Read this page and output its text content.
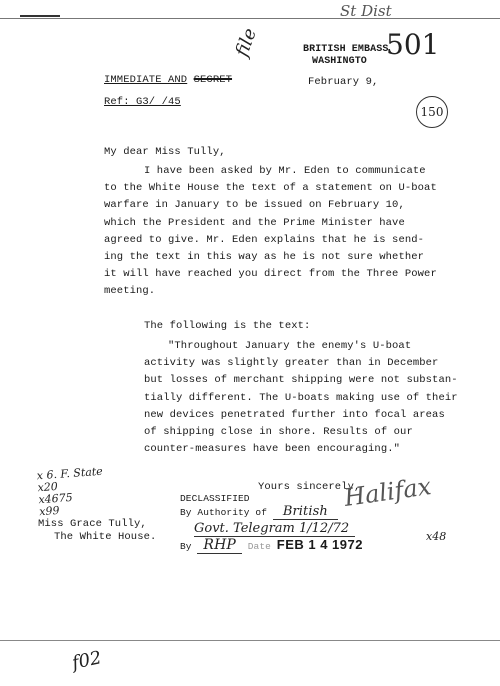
file
St Dist
501
BRITISH EMBASS
WASHINGTO
February 9,
150
IMMEDIATE AND SECRET
Ref: G3/ /45
My dear Miss Tully,
I have been asked by Mr. Eden to communicate
to the White House the text of a statement on U-boat
warfare in January to be issued on February 10,
which the President and the Prime Minister have
agreed to give. Mr. Eden explains that he is send-
ing the text in this way as he is not sure whether
it will have reached you direct from the Three Power
meeting.
The following is the text:
"Throughout January the enemy's U-boat
activity was slightly greater than in December
but losses of merchant shipping were not substan-
tially different. The U-boats making use of their
new devices penetrated further into focal areas
of shipping close in shore. Results of our
counter-measures have been encouraging."
Yours sincerely,
x 6. F. State
x20
x4675
x99
Miss Grace Tully,
The White House.
DECLASSIFIED
By Authority of British
Govt. Telegram 1/12/72
By RHP Date FEB 1 4 1972
Halifax
x48
f02
